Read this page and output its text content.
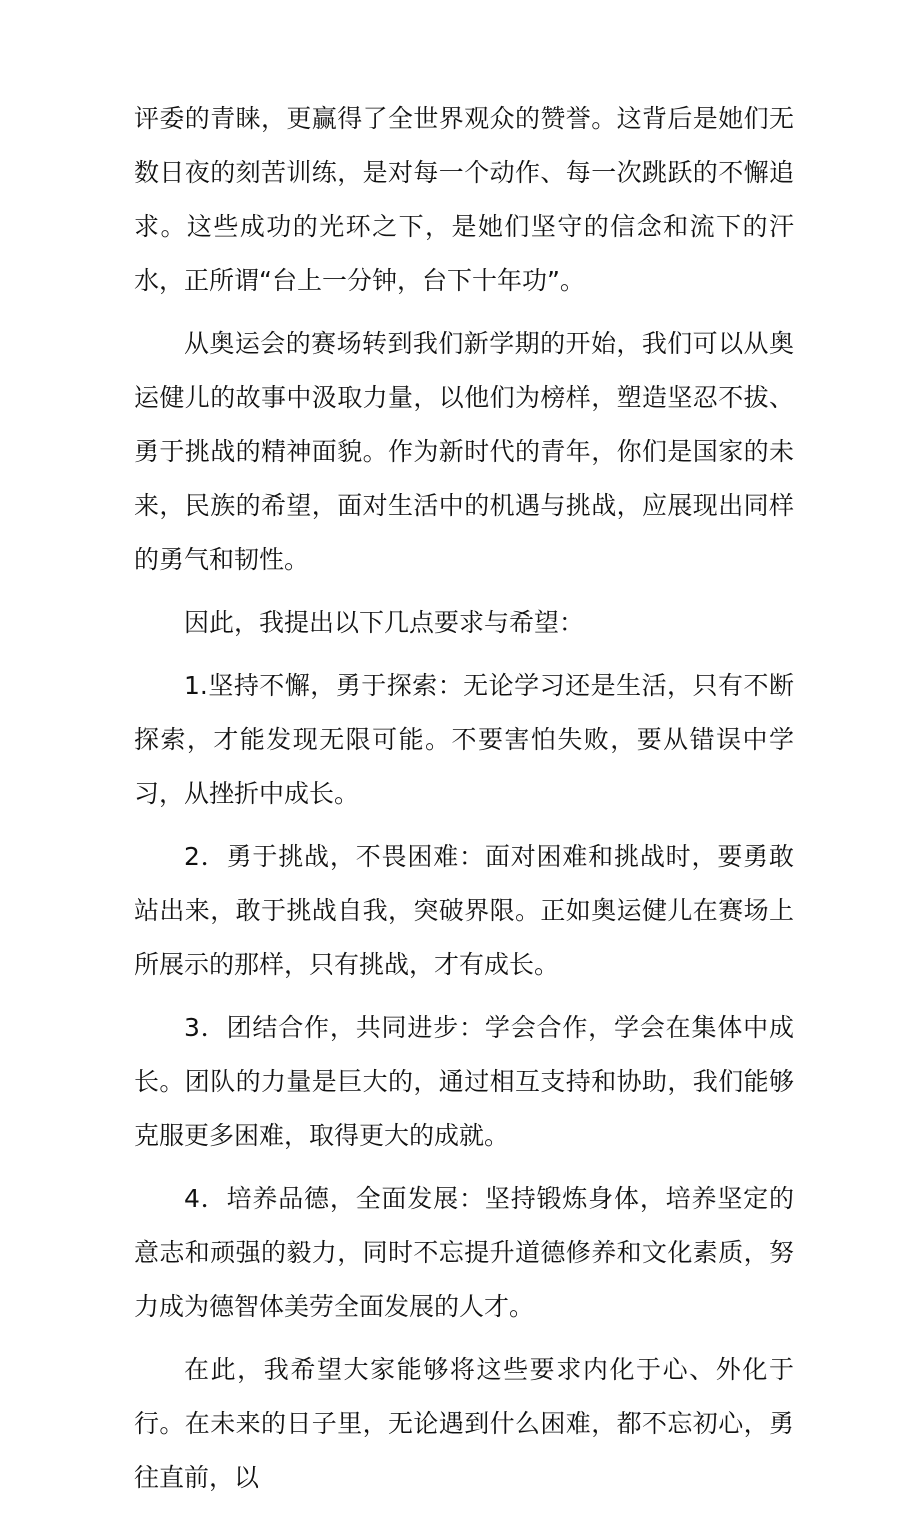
评委的青睐，更赢得了全世界观众的赞誉。这背后是她们无数日夜的刻苦训练，是对每一个动作、每一次跳跃的不懈追求。这些成功的光环之下，是她们坚守的信念和流下的汗水，正所谓“台上一分钟，台下十年功”。

从奥运会的赛场转到我们新学期的开始，我们可以从奥运健儿的故事中汲取力量，以他们为榜样，塑造坚忍不拔、勇于挑战的精神面貌。作为新时代的青年，你们是国家的未来，民族的希望，面对生活中的机遇与挑战，应展现出同样的勇气和韧性。

因此，我提出以下几点要求与希望：

1.坚持不懈，勇于探索：无论学习还是生活，只有不断探索，才能发现无限可能。不要害怕失败，要从错误中学习，从挫折中成长。

2．勇于挑战，不畏困难：面对困难和挑战时，要勇敢站出来，敢于挑战自我，突破界限。正如奥运健儿在赛场上所展示的那样，只有挑战，才有成长。

3．团结合作，共同进步：学会合作，学会在集体中成长。团队的力量是巨大的，通过相互支持和协助，我们能够克服更多困难，取得更大的成就。

4．培养品德，全面发展：坚持锻炼身体，培养坚定的意志和顽强的毅力，同时不忘提升道德修养和文化素质，努力成为德智体美劳全面发展的人才。

在此，我希望大家能够将这些要求内化于心、外化于行。在未来的日子里，无论遇到什么困难，都不忘初心，勇往直前，以
